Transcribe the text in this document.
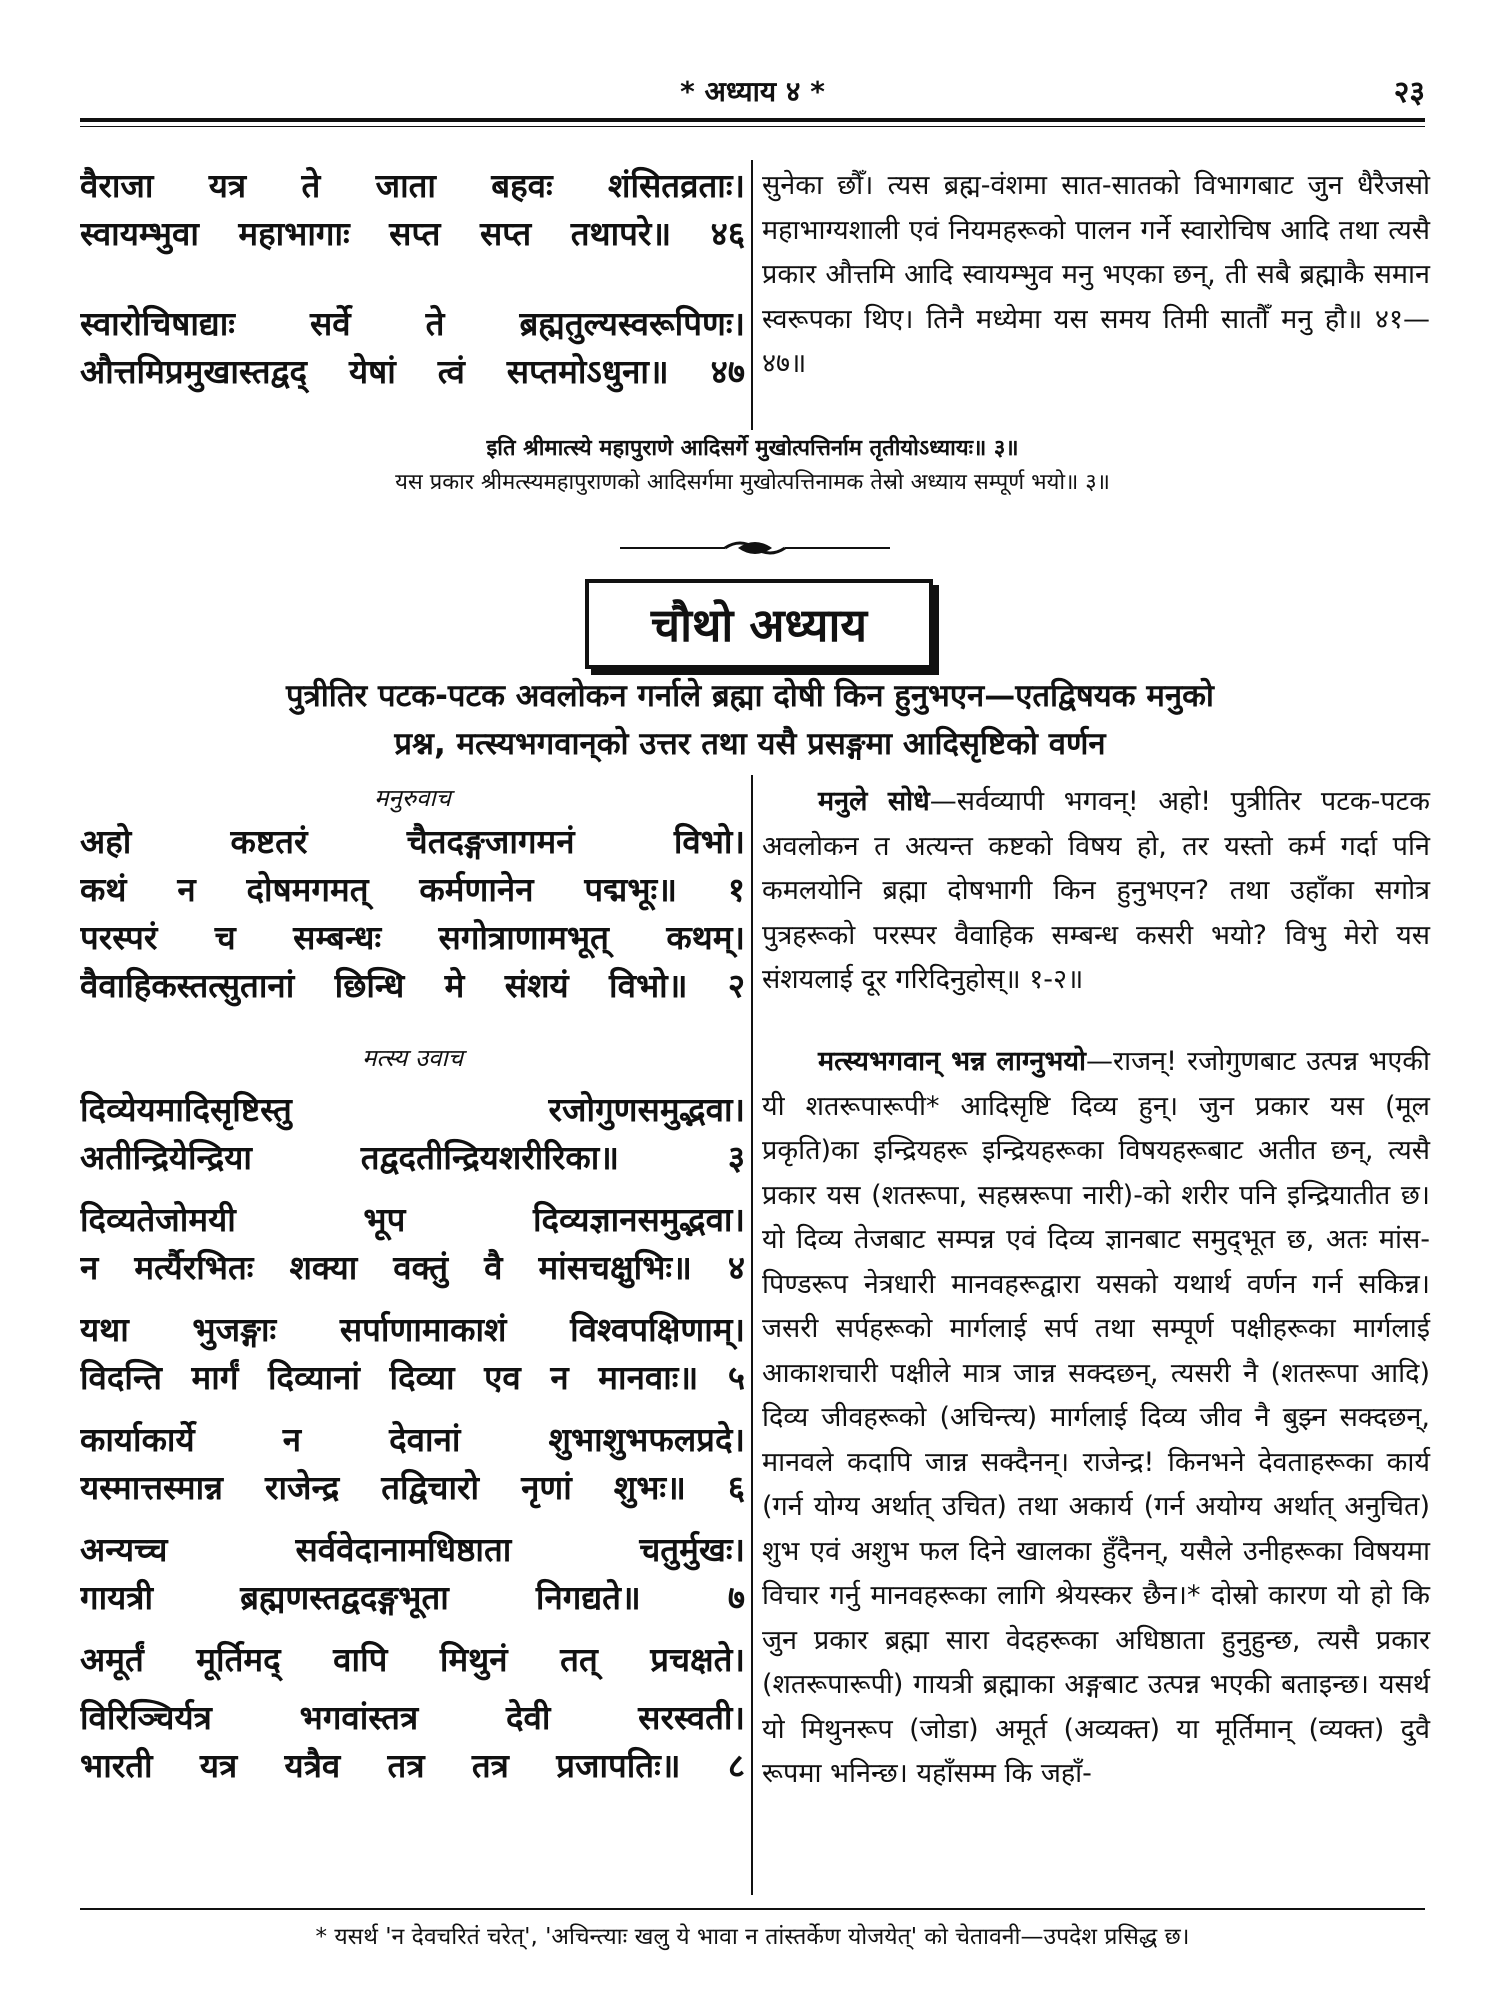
* अध्याय ४ *	२३
वैराजा यत्र ते जाता बहवः शंसितव्रताः।
स्वायम्भुवा महाभागाः सप्त सप्त तथापरे॥ ४६
स्वारोचिषाद्याः सर्वे ते ब्रह्मतुल्यस्वरूपिणः।
औत्तमिप्रमुखास्तद्वद् येषां त्वं सप्तमोऽधुना॥ ४७

सुनेका छौँ। त्यस ब्रह्म-वंशमा सात-सातको विभागबाट जुन धैरैजसो महाभाग्यशाली एवं नियमहरूको पालन गर्ने स्वारोचिष आदि तथा त्यसै प्रकार औत्तमि आदि स्वायम्भुव मनु भएका छन्, ती सबै ब्रह्माकै समान स्वरूपका थिए। तिनै मध्येमा यस समय तिमी सातौँ मनु हौ॥ ४१—४७॥

इति श्रीमात्स्ये महापुराणे आदिसर्गे मुखोत्पत्तिर्नाम तृतीयोऽध्यायः॥ ३॥
यस प्रकार श्रीमत्स्यमहापुराणको आदिसर्गमा मुखोत्पत्तिनामक तेस्रो अध्याय सम्पूर्ण भयो॥ ३॥
चौथो अध्याय
पुत्रीतिर पटक-पटक अवलोकन गर्नाले ब्रह्मा दोषी किन हुनुभएन—एतद्विषयक मनुको
प्रश्न, मत्स्यभगवान्‌को उत्तर तथा यसै प्रसङ्गमा आदिसृष्टिको वर्णन
मनुरुवाच
अहो कष्टतरं चैतदङ्गजागमनं विभो।
कथं न दोषमगमत् कर्मणानेन पद्मभूः॥ १
परस्परं च सम्बन्धः सगोत्राणामभूत् कथम्।
वैवाहिकस्तत्सुतानां छिन्धि मे संशयं विभो॥ २
मत्स्य उवाच
दिव्येयमादिसृष्टिस्तु रजोगुणसमुद्भवा।
अतीन्द्रियेन्द्रिया तद्वदतीन्द्रियशरीरिका॥ ३
दिव्यतेजोमयी भूप दिव्यज्ञानसमुद्भवा।
न मर्त्यैरभितः शक्या वक्तुं वै मांसचक्षुभिः॥ ४
यथा भुजङ्गाः सर्पाणामाकाशं विश्वपक्षिणाम्।
विदन्ति मार्गं दिव्यानां दिव्या एव न मानवाः॥ ५
कार्याकार्ये न देवानां शुभाशुभफलप्रदे।
यस्मात्तस्मान्न राजेन्द्र तद्विचारो नृणां शुभः॥ ६
अन्यच्च सर्ववेदानामधिष्ठाता चतुर्मुखः।
गायत्री ब्रह्मणस्तद्वदङ्गभूता निगद्यते॥ ७
अमूर्तं मूर्तिमद् वापि मिथुनं तत् प्रचक्षते।
विरिञ्चिर्यत्र भगवांस्तत्र देवी सरस्वती।
भारती यत्र यत्रैव तत्र तत्र प्रजापतिः॥ ८

मनुले सोधे—सर्वव्यापी भगवन्! अहो! पुत्रीतिर पटक-पटक अवलोकन त अत्यन्त कष्टको विषय हो, तर यस्तो कर्म गर्दा पनि कमलयोनि ब्रह्मा दोषभागी किन हुनुभएन? तथा उहाँका सगोत्र पुत्रहरूको परस्पर वैवाहिक सम्बन्ध कसरी भयो? विभु मेरो यस संशयलाई दूर गरिदिनुहोस्॥ १-२॥

मत्स्यभगवान् भन्न लाग्नुभयो—राजन्! रजोगुणबाट उत्पन्न भएकी यी शतरूपारूपी* आदिसृष्टि दिव्य हुन्। जुन प्रकार यस (मूल प्रकृति)का इन्द्रियहरू इन्द्रियहरूका विषयहरूबाट अतीत छन्, त्यसै प्रकार यस (शतरूपा, सहस्ररूपा नारी)-को शरीर पनि इन्द्रियातीत छ। यो दिव्य तेजबाट सम्पन्न एवं दिव्य ज्ञानबाट समुद्‌भूत छ, अतः मांस-पिण्डरूप नेत्रधारी मानवहरूद्वारा यसको यथार्थ वर्णन गर्न सकिन्न। जसरी सर्पहरूको मार्गलाई सर्प तथा सम्पूर्ण पक्षीहरूका मार्गलाई आकाशचारी पक्षीले मात्र जान्न सक्दछन्, त्यसरी नै (शतरूपा आदि) दिव्य जीवहरूको (अचिन्त्य) मार्गलाई दिव्य जीव नै बुझ्न सक्दछन्, मानवले कदापि जान्न सक्दैनन्। राजेन्द्र! किनभने देवताहरूका कार्य (गर्न योग्य अर्थात् उचित) तथा अकार्य (गर्न अयोग्य अर्थात् अनुचित) शुभ एवं अशुभ फल दिने खालका हुँदैनन्, यसैले उनीहरूका विषयमा विचार गर्नु मानवहरूका लागि श्रेयस्कर छैन।* दोस्रो कारण यो हो कि जुन प्रकार ब्रह्मा सारा वेदहरूका अधिष्ठाता हुनुहुन्छ, त्यसै प्रकार (शतरूपारूपी) गायत्री ब्रह्माका अङ्गबाट उत्पन्न भएकी बताइन्छ। यसर्थ यो मिथुनरूप (जोडा) अमूर्त (अव्यक्त) या मूर्तिमान् (व्यक्त) दुवै रूपमा भनिन्छ। यहाँसम्म कि जहाँ-

* यसर्थ 'न देवचरितं चरेत्', 'अचिन्त्याः खलु ये भावा न तांस्तर्केण योजयेत्' को चेतावनी—उपदेश प्रसिद्ध छ।
